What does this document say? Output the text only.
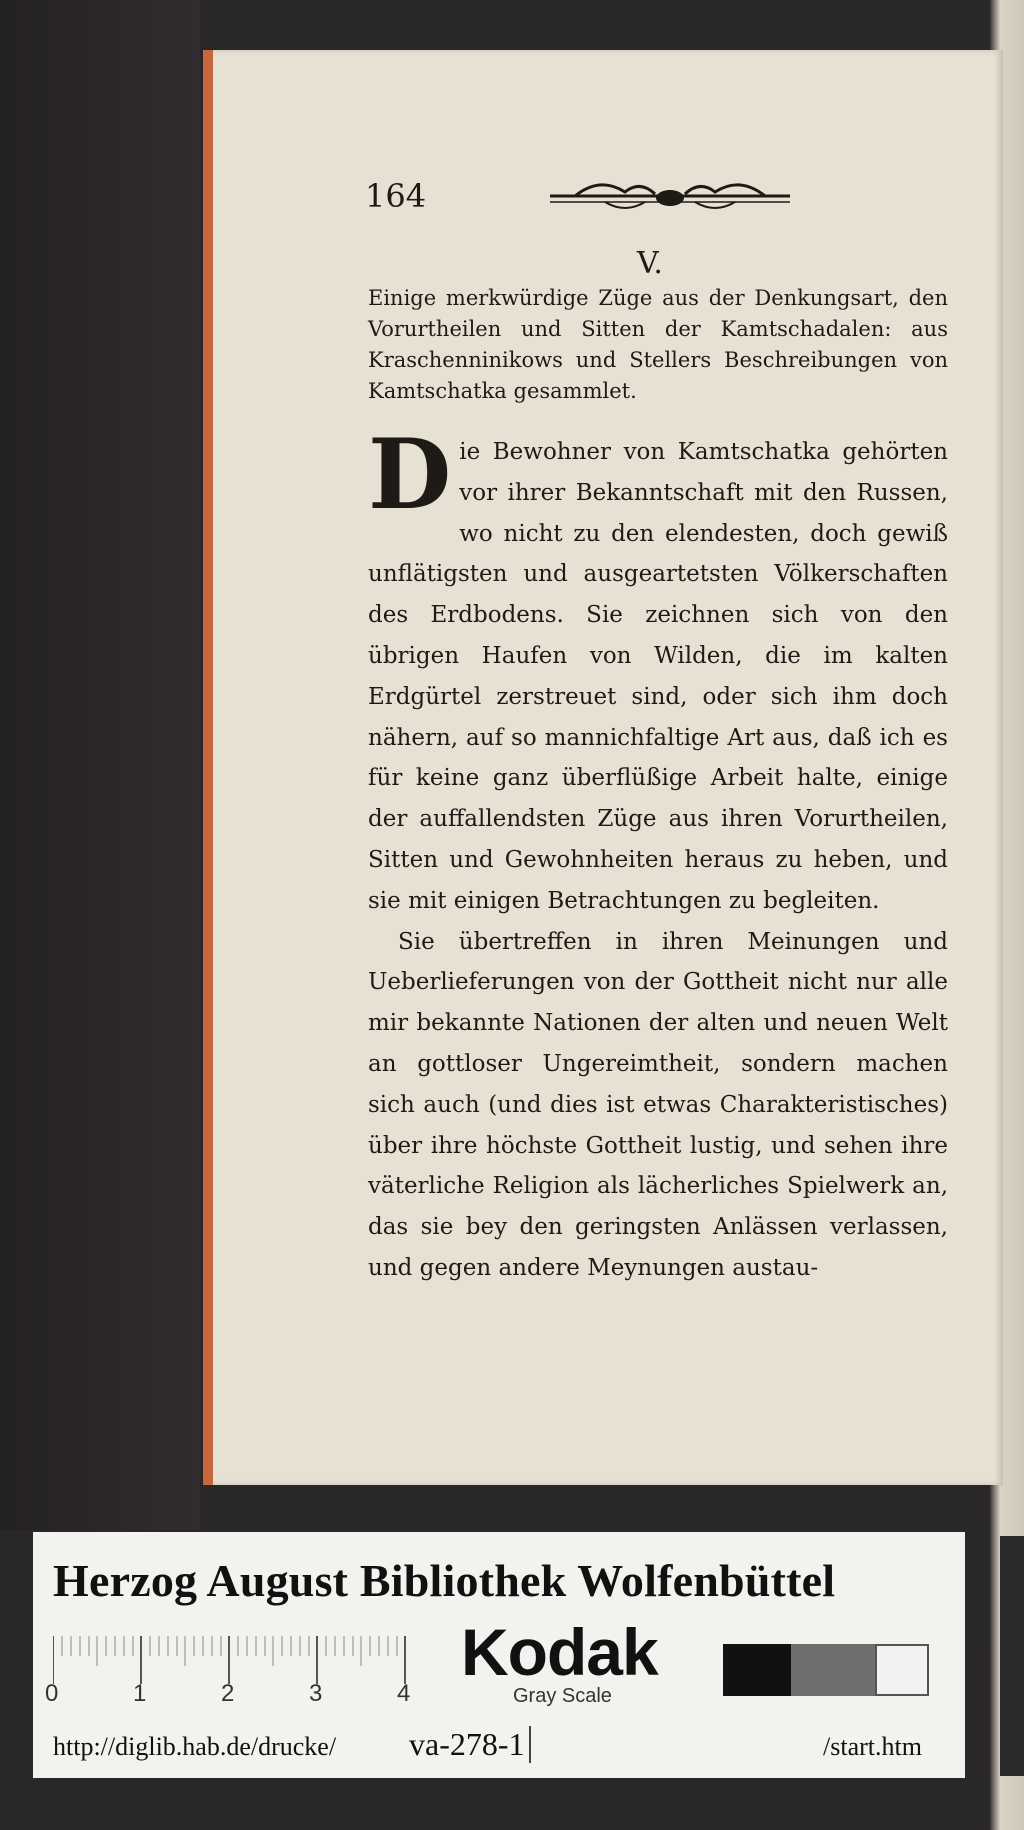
164

V.

Einige merkwürdige Züge aus der Denkungsart, den Vorurtheilen und Sitten der Kamtschadalen: aus Kraschenninikows und Stellers Beschreibungen von Kamtschatka gesammlet.

Die Bewohner von Kamtschatka gehörten vor ihrer Bekanntschaft mit den Russen, wo nicht zu den elendesten, doch gewiß unflätigsten und ausgeartetsten Völkerschaften des Erdbodens. Sie zeichnen sich von den übrigen Haufen von Wilden, die im kalten Erdgürtel zerstreuet sind, oder sich ihm doch nähern, auf so mannichfaltige Art aus, daß ich es für keine ganz überflüßige Arbeit halte, einige der auffallendsten Züge aus ihren Vorurtheilen, Sitten und Gewohnheiten heraus zu heben, und sie mit einigen Betrachtungen zu begleiten.

Sie übertreffen in ihren Meinungen und Ueberlieferungen von der Gottheit nicht nur alle mir bekannte Nationen der alten und neuen Welt an gottloser Ungereimtheit, sondern machen sich auch (und dies ist etwas Charakteristisches) über ihre höchste Gottheit lustig, und sehen ihre väterliche Religion als lächerliches Spielwerk an, das sie bey den geringsten Anlässen verlassen, und gegen andere Meynungen austau-

Herzog August Bibliothek Wolfenbüttel

0	1	2	3	4

Kodak

Gray Scale
http://diglib.hab.de/drucke/ va-278-1	/start.htm
